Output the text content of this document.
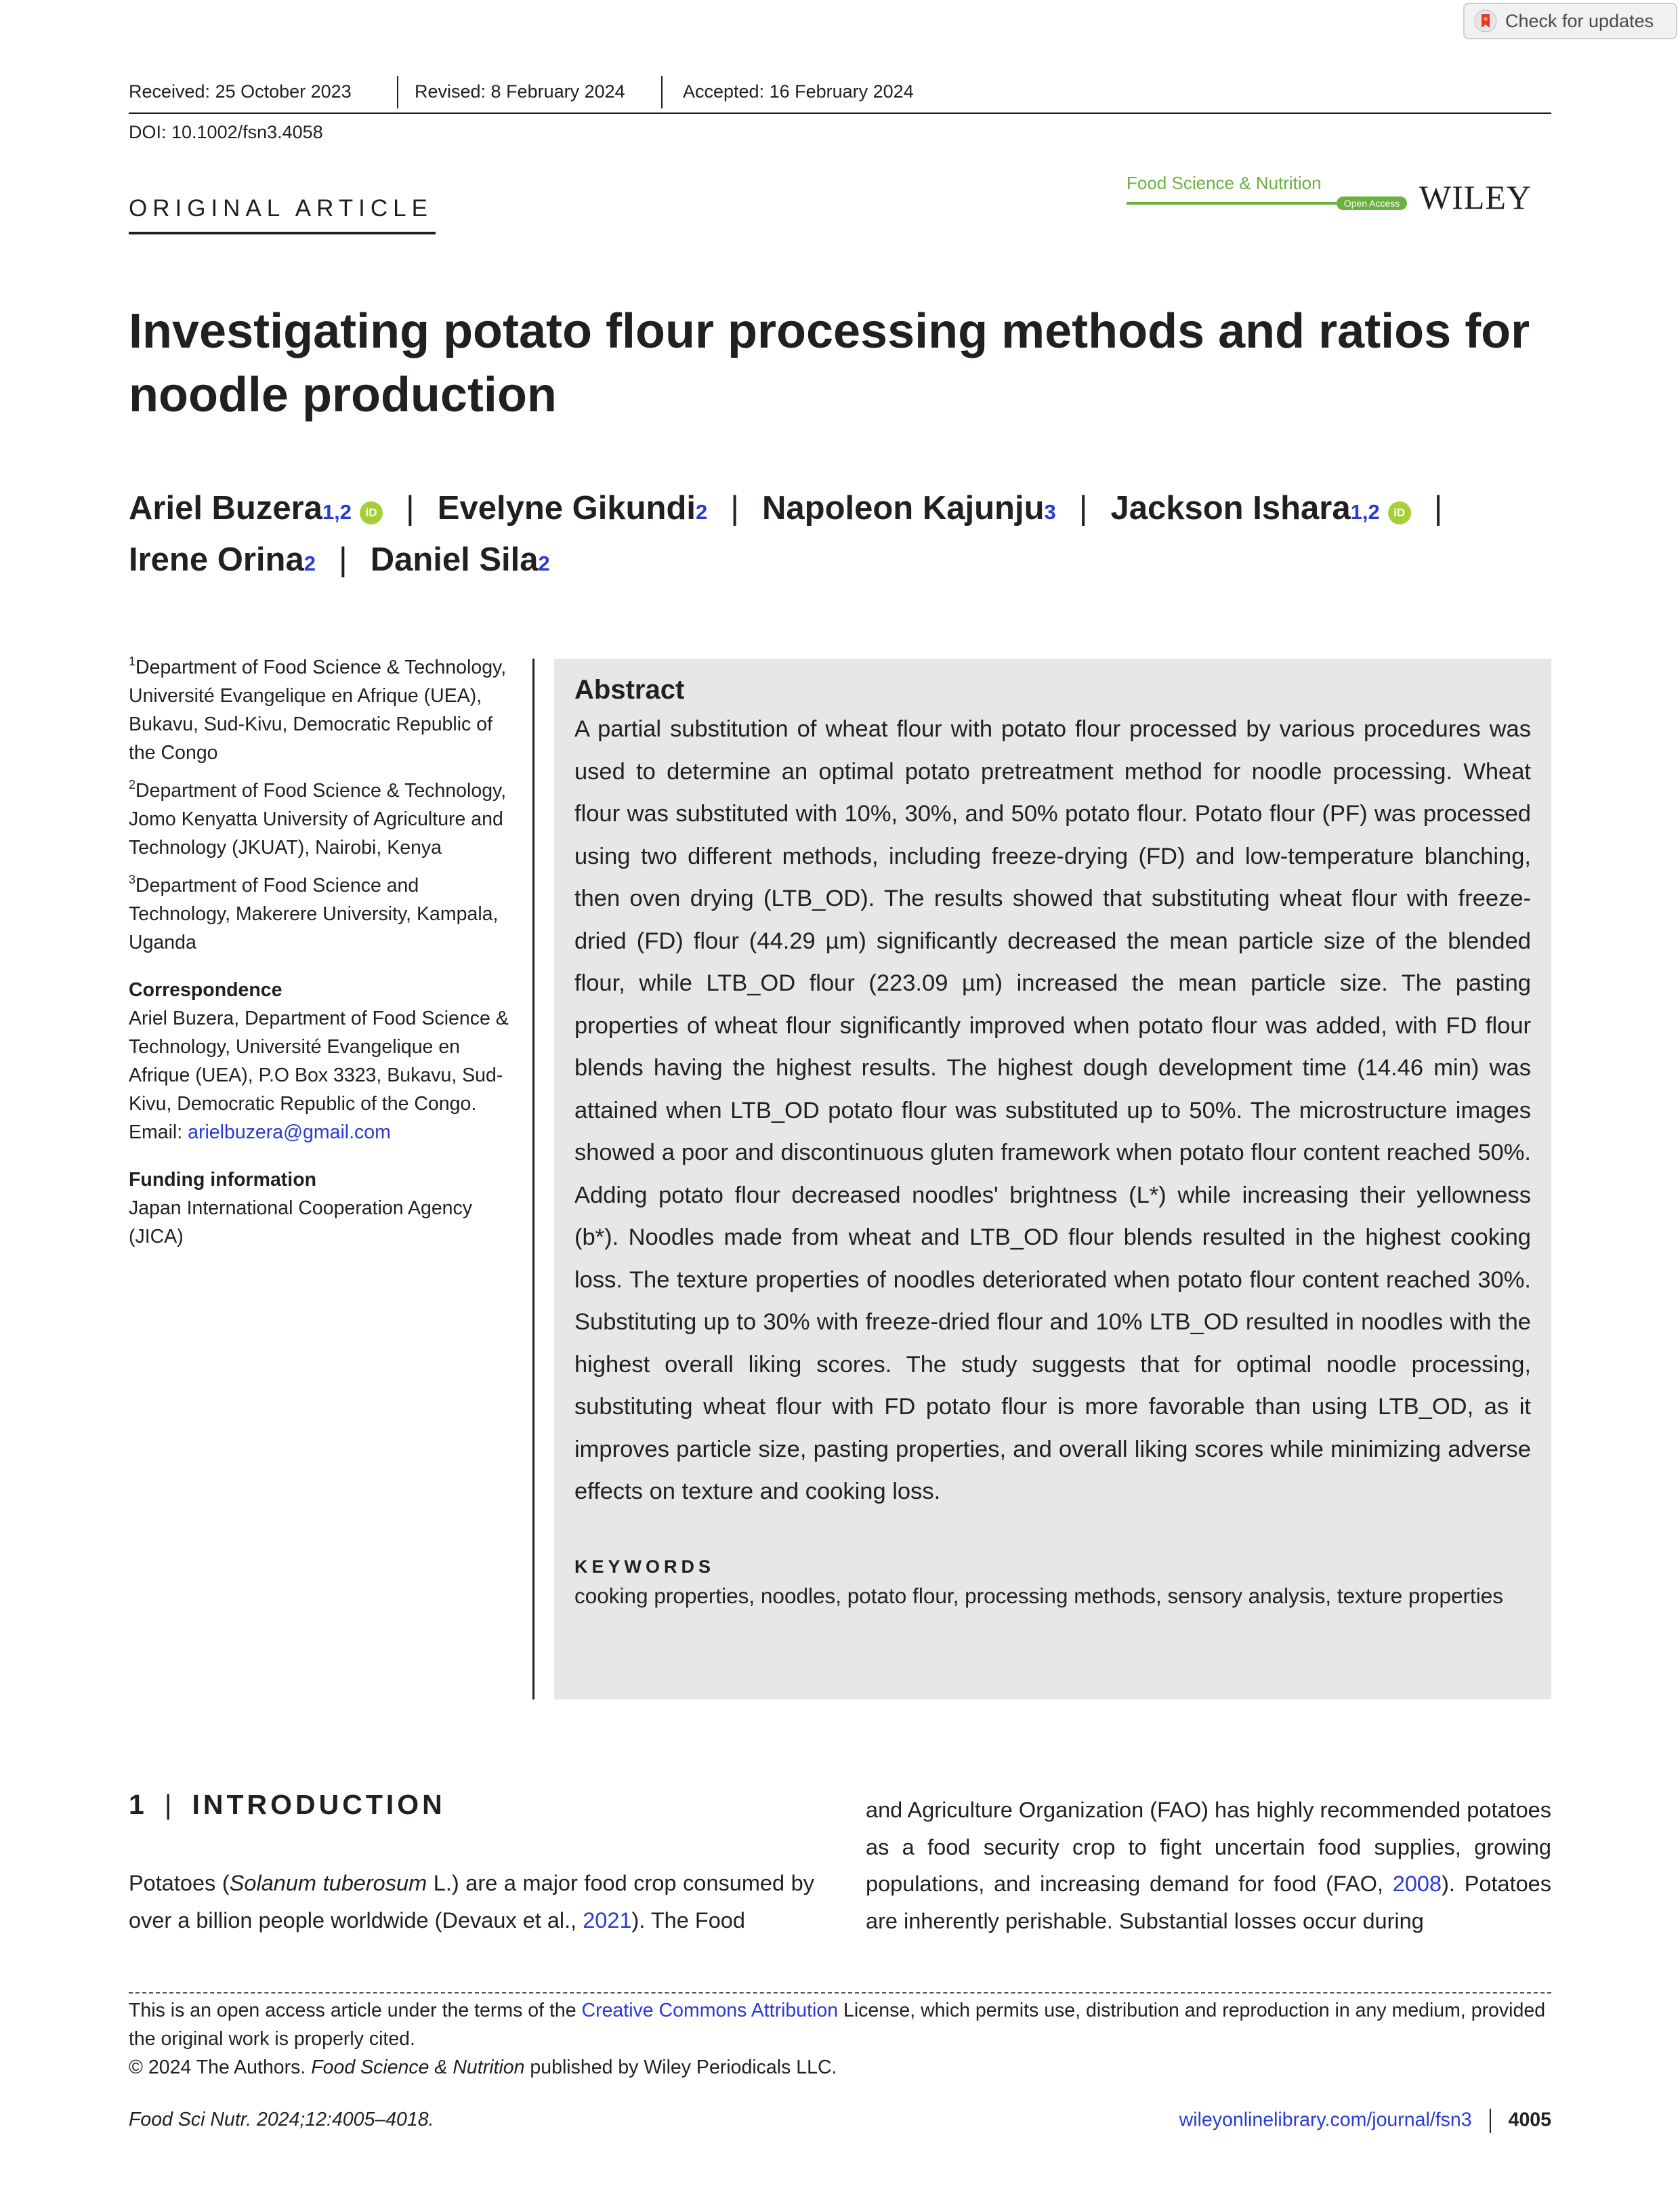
Check for updates
Received: 25 October 2023	Revised: 8 February 2024	Accepted: 16 February 2024
DOI: 10.1002/fsn3.4058
ORIGINAL ARTICLE
Food Science & Nutrition
Open Access WILEY
Investigating potato flour processing methods and ratios for noodle production
Ariel Buzera 1,2	iD | Evelyne Gikundi 2 | Napoleon Kajunju 3 | Jackson Ishara 1,2	iD |
Irene Orina 2 | Daniel Sila 2

$^1$Department of Food Science & Technology, Université Evangelique en Afrique (UEA), Bukavu, Sud-Kivu, Democratic Republic of the Congo

$^2$Department of Food Science & Technology, Jomo Kenyatta University of Agriculture and Technology (JKUAT), Nairobi, Kenya

$^3$Department of Food Science and Technology, Makerere University, Kampala, Uganda

Correspondence

Ariel Buzera, Department of Food Science & Technology, Université Evangelique en Afrique (UEA), P.O Box 3323, Bukavu, Sud-Kivu, Democratic Republic of the Congo.
Email: arielbuzera@gmail.com

Funding information

Japan International Cooperation Agency (JICA)

Abstract

A partial substitution of wheat flour with potato flour processed by various procedures was used to determine an optimal potato pretreatment method for noodle processing. Wheat flour was substituted with 10%, 30%, and 50% potato flour. Potato flour (PF) was processed using two different methods, including freeze-drying (FD) and low-temperature blanching, then oven drying (LTB_OD). The results showed that substituting wheat flour with freeze-dried (FD) flour (44.29 µm) significantly decreased the mean particle size of the blended flour, while LTB_OD flour (223.09 µm) increased the mean particle size. The pasting properties of wheat flour significantly improved when potato flour was added, with FD flour blends having the highest results. The highest dough development time (14.46 min) was attained when LTB_OD potato flour was substituted up to 50%. The microstructure images showed a poor and discontinuous gluten framework when potato flour content reached 50%. Adding potato flour decreased noodles' brightness (L*) while increasing their yellowness (b*). Noodles made from wheat and LTB_OD flour blends resulted in the highest cooking loss. The texture properties of noodles deteriorated when potato flour content reached 30%. Substituting up to 30% with freeze-dried flour and 10% LTB_OD resulted in noodles with the highest overall liking scores. The study suggests that for optimal noodle processing, substituting wheat flour with FD potato flour is more favorable than using LTB_OD, as it improves particle size, pasting properties, and overall liking scores while minimizing adverse effects on texture and cooking loss.

KEYWORDS

cooking properties, noodles, potato flour, processing methods, sensory analysis, texture properties

1 | INTRODUCTION
Potatoes (Solanum tuberosum L.) are a major food crop consumed by over a billion people worldwide (Devaux et al., 2021). The Food
and Agriculture Organization (FAO) has highly recommended potatoes as a food security crop to fight uncertain food supplies, growing populations, and increasing demand for food (FAO, 2008). Potatoes are inherently perishable. Substantial losses occur during
This is an open access article under the terms of the Creative Commons Attribution License, which permits use, distribution and reproduction in any medium, provided the original work is properly cited.
© 2024 The Authors. Food Science & Nutrition published by Wiley Periodicals LLC.
Food Sci Nutr. 2024;12:4005–4018.	wileyonlinelibrary.com/journal/fsn3 4005
